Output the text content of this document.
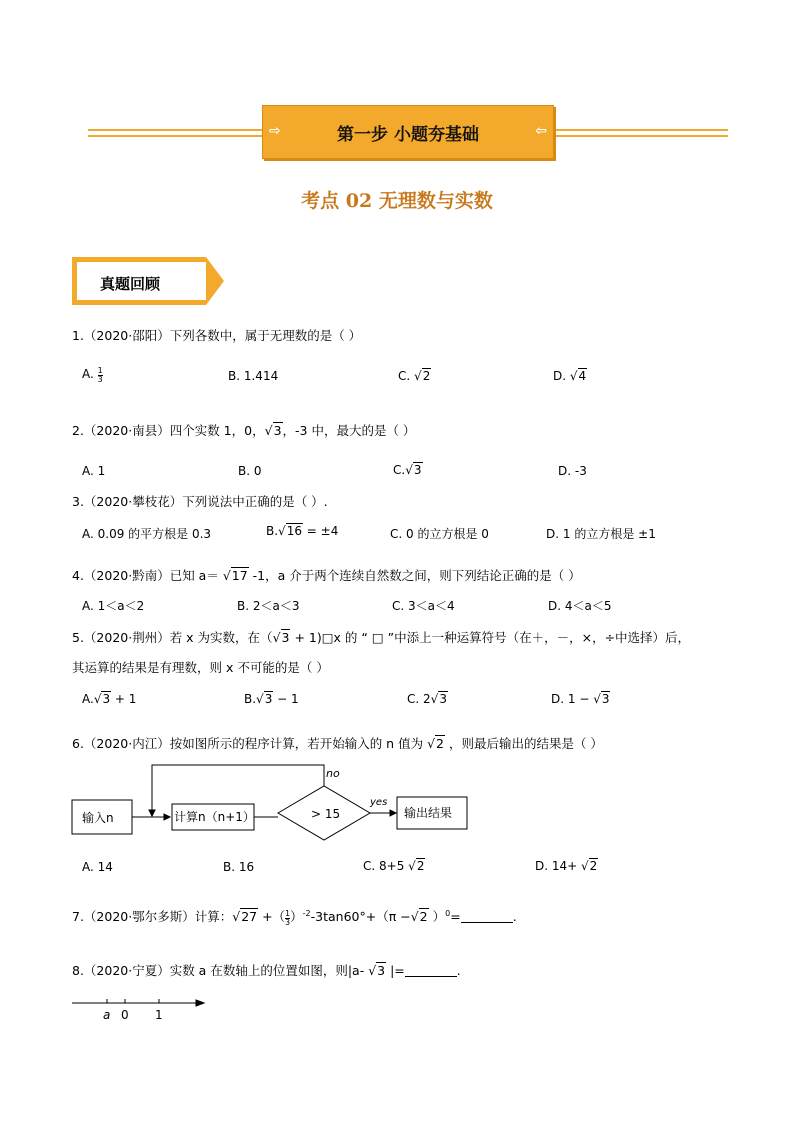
⇨	第一步 小题夯基础	⇦
考点 02 无理数与实数
真题回顾
1.（2020·邵阳）下列各数中，属于无理数的是（ ）
A. $\frac{1}{3}$	B. 1.414	C. √2	D. √4
2.（2020·南县）四个实数 1，0，√3，-3 中，最大的是（ ）
A. 1	B. 0	C.√3	D. -3
3.（2020·攀枝花）下列说法中正确的是（ ）.
A. 0.09 的平方根是 0.3	B.√16 = ±4	C. 0 的立方根是 0	D. 1 的立方根是 ±1
4.（2020·黔南）已知 a＝ √17 -1，a 介于两个连续自然数之间，则下列结论正确的是（ ）
A. 1＜a＜2	B. 2＜a＜3	C. 3＜a＜4	D. 4＜a＜5
5.（2020·荆州）若 x 为实数，在（√3 + 1)□x 的 “ □ ”中添上一种运算符号（在＋，－，×，÷中选择）后，
其运算的结果是有理数，则 x 不可能的是（ ）
A.√3 + 1	B.√3 − 1	C. 2√3	D. 1 − √3
6.（2020·内江）按如图所示的程序计算，若开始输入的 n 值为 √2 ，则最后输出的结果是（ ）
输入n	计算n（n+1）	> 15	输出结果
no
yes
a 0 1
A. 14	B. 16	C. 8+5 √2	D. 14+ √2
7.（2020·鄂尔多斯）计算：√27 +（ $\frac{1}{3} )^{-2}-3\tan 60^\circ+(\pi -√2$ ）$^0$=	.
8.（2020·宁夏）实数 a 在数轴上的位置如图，则|a- √3 |=	.
